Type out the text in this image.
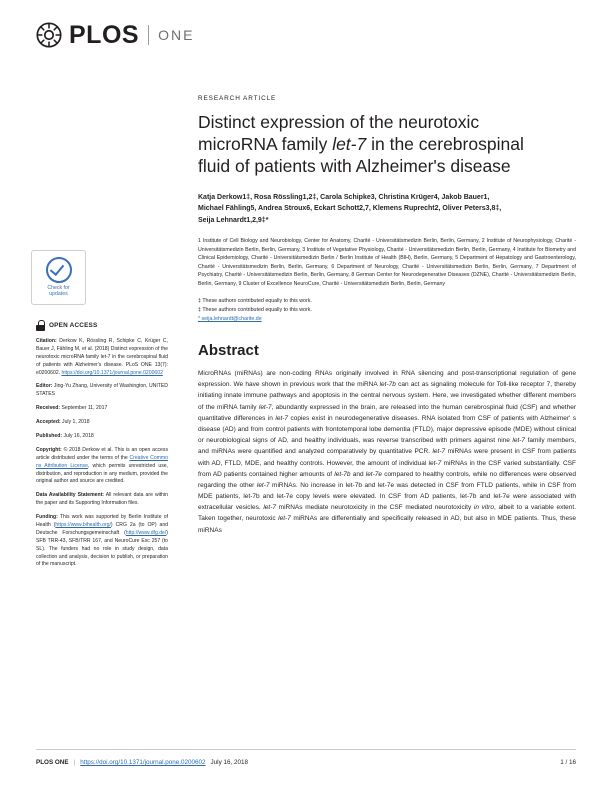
PLOS ONE
Check for
updates
OPEN ACCESS

Citation: Derkow K, Rössling R, Schipke C, Krüger C, Bauer J, Fähling M, et al. (2018) Distinct expression of the neurotoxic microRNA family let-7 in the cerebrospinal fluid of patients with Alzheimer's disease. PLoS ONE 13(7): e0200602. https://doi.org/10.1371/journal.pone.0200602

Editor: Jing-Yu Zhang, University of Washington, UNITED STATES

Received: September 11, 2017

Accepted: July 1, 2018

Published: July 16, 2018

Copyright: © 2018 Derkow et al. This is an open access article distributed under the terms of the Creative Commons Attribution License, which permits unrestricted use, distribution, and reproduction in any medium, provided the original author and source are credited.

Data Availability Statement: All relevant data are within the paper and its Supporting Information files.

Funding: This work was supported by Berlin Institute of Health (https://www.bihealth.org/) CRG 2a (to OP) and Deutsche Forschungsgemeinschaft (http://www.dfg.de/) SFB TRR-43, SFB/TRR 167, and NeuroCure Exc 257 (to SL). The funders had no role in study design, data collection and analysis, decision to publish, or preparation of the manuscript.

RESEARCH ARTICLE
Distinct expression of the neurotoxic
microRNA family let-7 in the cerebrospinal
fluid of patients with Alzheimer's disease
Katja Derkow1‡, Rosa Rössling1,2‡, Carola Schipke3, Christina Krüger4, Jakob Bauer1,
Michael Fähling5, Andrea Stroux6, Eckart Schott2,7, Klemens Ruprecht2, Oliver Peters3,8‡,
Seija Lehnardt1,2,9‡*
1 Institute of Cell Biology and Neurobiology, Center for Anatomy, Charité - Universitätsmedizin Berlin, Berlin, Germany, 2 Institute of Neurophysiology, Charité - Universitätsmedizin Berlin, Berlin, Germany, 3 Institute of Vegetative Physiology, Charité - Universitätsmedizin Berlin, Berlin, Germany, 4 Institute for Biometry and Clinical Epidemiology, Charité - Universitätsmedizin Berlin / Berlin Institute of Health (BIH), Berlin, Germany, 5 Department of Hepatology and Gastroenterology, Charité - Universitätsmedizin Berlin, Berlin, Germany, 6 Department of Neurology, Charité - Universitätsmedizin Berlin, Berlin, Germany, 7 Department of Psychiatry, Charité - Universitätsmedizin Berlin, Berlin, Germany, 8 German Center for Neurodegenerative Diseases (DZNE), Charité - Universitätsmedizin Berlin, Berlin, Germany, 9 Cluster of Excellence NeuroCure, Charité - Universitätsmedizin Berlin, Berlin, Germany
‡ These authors contributed equally to this work.
‡ These authors contributed equally to this work.
* seija.lehnardt@charite.de
Abstract
MicroRNAs (miRNAs) are non-coding RNAs originally involved in RNA silencing and post-transcriptional regulation of gene expression. We have shown in previous work that the miRNA let-7b can act as signaling molecule for Toll-like receptor 7, thereby initiating innate immune pathways and apoptosis in the central nervous system. Here, we investigated whether different members of the miRNA family let-7, abundantly expressed in the brain, are released into the human cerebrospinal fluid (CSF) and whether quantitative differences in let-7 copies exist in neurodegenerative diseases. RNA isolated from CSF of patients with Alzheimer' s disease (AD) and from control patients with frontotemporal lobe dementia (FTLD), major depressive episode (MDE) without clinical or neurobiological signs of AD, and healthy individuals, was reverse transcribed with primers against nine let-7 family members, and miRNAs were quantified and analyzed comparatively by quantitative PCR. let-7 miRNAs were present in CSF from patients with AD, FTLD, MDE, and healthy controls. However, the amount of individual let-7 miRNAs in the CSF varied substantially. CSF from AD patients contained higher amounts of let-7b and let-7e compared to healthy controls, while no differences were observed regarding the other let-7 miRNAs. No increase in let-7b and let-7e was detected in CSF from FTLD patients, while in CSF from MDE patients, let-7b and let-7e copy levels were elevated. In CSF from AD patients, let-7b and let-7e were associated with extracellular vesicles. let-7 miRNAs mediate neurotoxicity in the CSF mediated neurotoxicity in vitro, albeit to a variable extent. Taken together, neurotoxic let-7 miRNAs are differentially and specifically released in AD, but also in MDE patients. Thus, these miRNAs
PLOS ONE | https://doi.org/10.1371/journal.pone.0200602 July 16, 2018	1 / 16
